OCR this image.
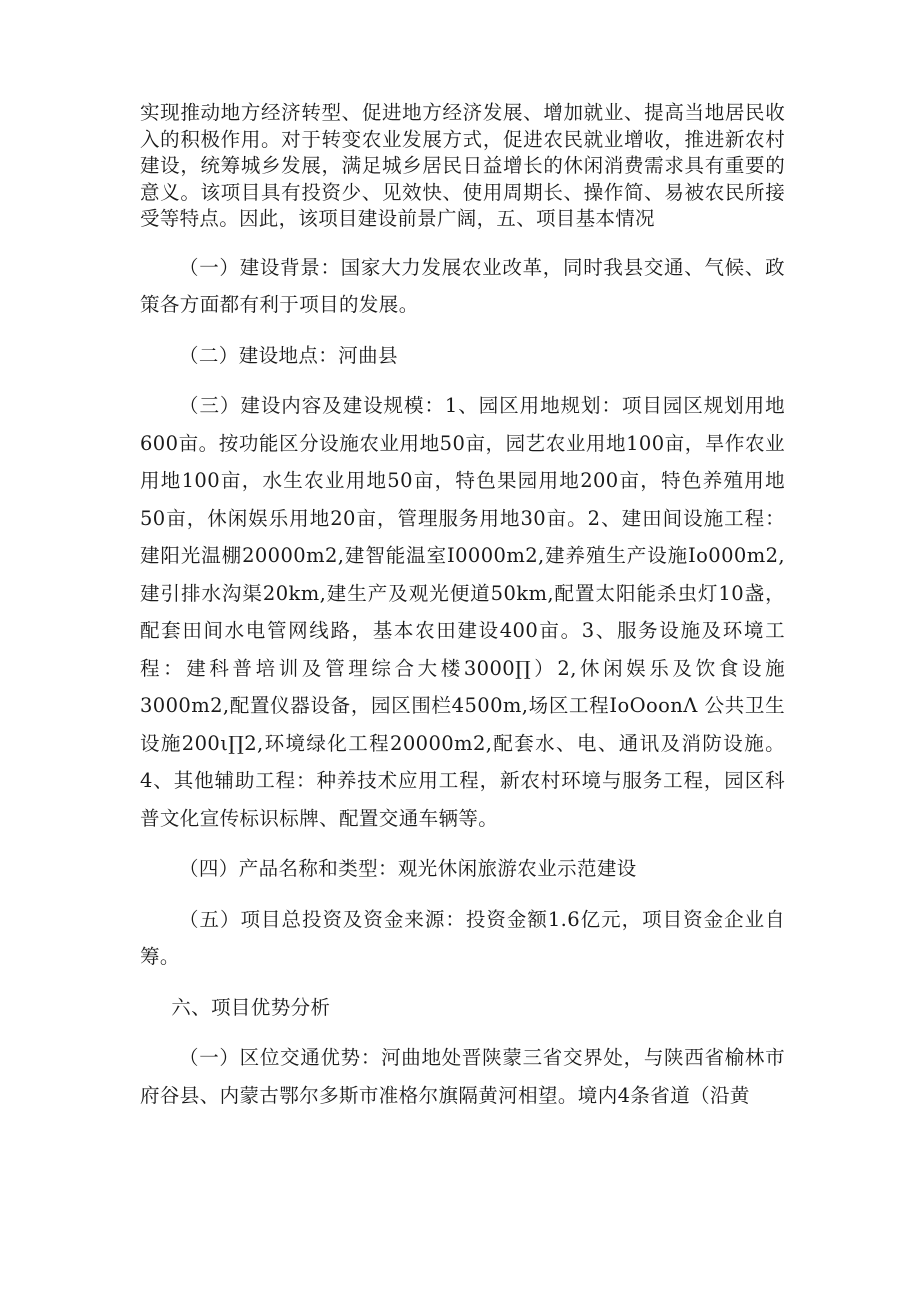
实现推动地方经济转型、促进地方经济发展、增加就业、提高当地居民收入的积极作用。对于转变农业发展方式，促进农民就业增收，推进新农村建设，统筹城乡发展，满足城乡居民日益增长的休闲消费需求具有重要的意义。该项目具有投资少、见效快、使用周期长、操作简、易被农民所接受等特点。因此，该项目建设前景广阔，五、项目基本情况

（一）建设背景：国家大力发展农业改革，同时我县交通、气候、政策各方面都有利于项目的发展。

（二）建设地点：河曲县

（三）建设内容及建设规模：1、园区用地规划：项目园区规划用地600亩。按功能区分设施农业用地50亩，园艺农业用地100亩，旱作农业用地100亩，水生农业用地50亩，特色果园用地200亩，特色养殖用地50亩，休闲娱乐用地20亩，管理服务用地30亩。2、建田间设施工程：建阳光温棚20000m2,建智能温室I0000m2,建养殖生产设施Io000m2,建引排水沟渠20km,建生产及观光便道50km,配置太阳能杀虫灯10盏，配套田间水电管网线路，基本农田建设400亩。3、服务设施及环境工程：建科普培训及管理综合大楼3000∏）2,休闲娱乐及饮食设施3000m2,配置仪器设备，园区围栏4500m,场区工程IoOoonΛ 公共卫生设施200ι∏2,环境绿化工程20000m2,配套水、电、通讯及消防设施。4、其他辅助工程：种养技术应用工程，新农村环境与服务工程，园区科普文化宣传标识标牌、配置交通车辆等。

（四）产品名称和类型：观光休闲旅游农业示范建设

（五）项目总投资及资金来源：投资金额1.6亿元，项目资金企业自筹。

六、项目优势分析

（一）区位交通优势：河曲地处晋陕蒙三省交界处，与陕西省榆林市府谷县、内蒙古鄂尔多斯市准格尔旗隔黄河相望。境内4条省道（沿黄
